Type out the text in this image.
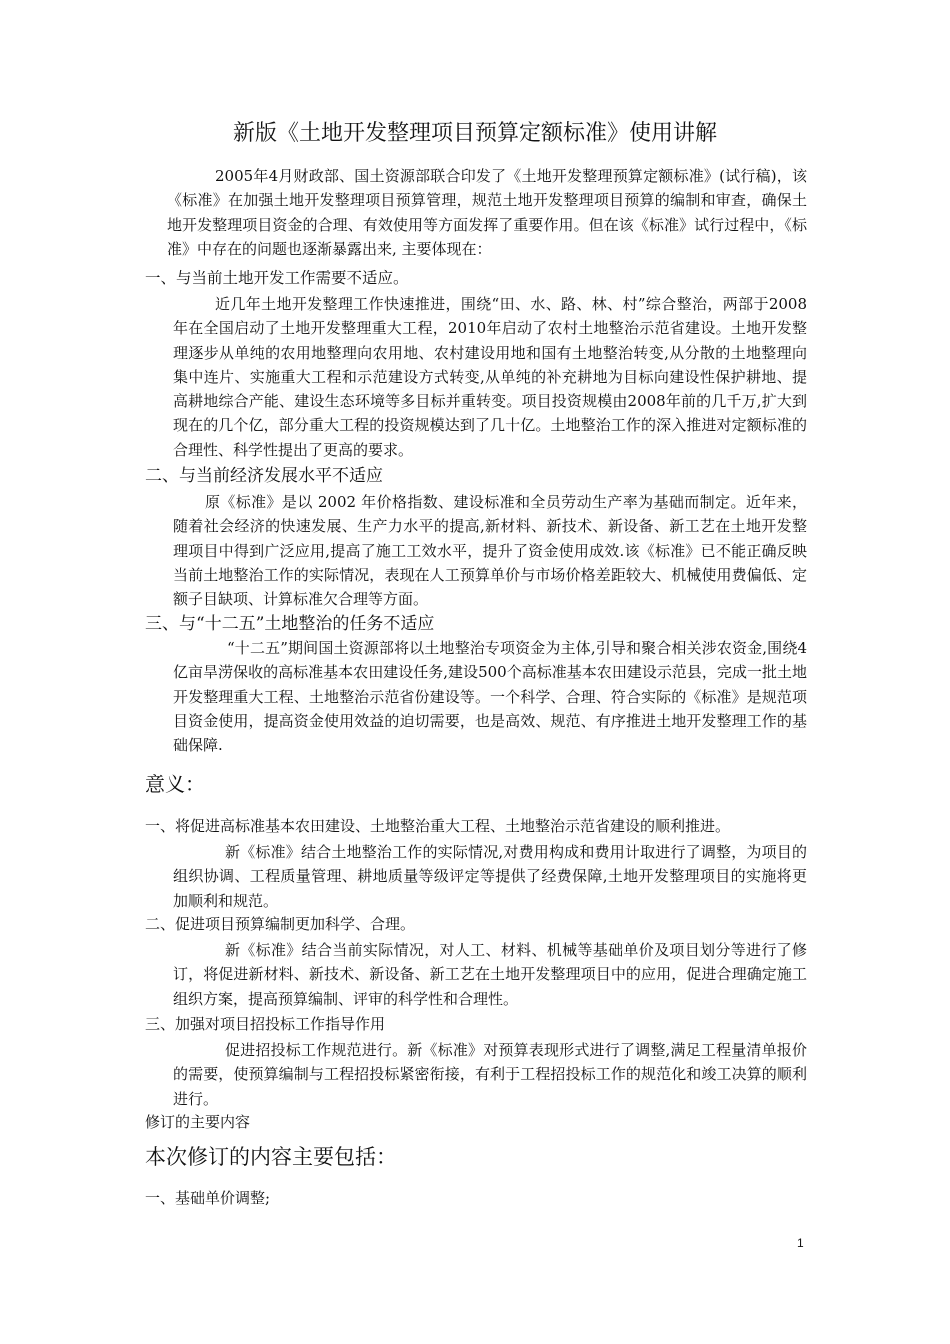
新版《土地开发整理项目预算定额标准》使用讲解
2005年4月财政部、国土资源部联合印发了《土地开发整理预算定额标准》(试行稿)，该《标准》在加强土地开发整理项目预算管理，规范土地开发整理项目预算的编制和审查，确保土地开发整理项目资金的合理、有效使用等方面发挥了重要作用。但在该《标准》试行过程中，《标准》中存在的问题也逐渐暴露出来, 主要体现在：
一、与当前土地开发工作需要不适应。
近几年土地开发整理工作快速推进，围绕“田、水、路、林、村”综合整治，两部于2008年在全国启动了土地开发整理重大工程，2010年启动了农村土地整治示范省建设。土地开发整理逐步从单纯的农用地整理向农用地、农村建设用地和国有土地整治转变,从分散的土地整理向集中连片、实施重大工程和示范建设方式转变,从单纯的补充耕地为目标向建设性保护耕地、提高耕地综合产能、建设生态环境等多目标并重转变。项目投资规模由2008年前的几千万,扩大到现在的几个亿，部分重大工程的投资规模达到了几十亿。土地整治工作的深入推进对定额标准的合理性、科学性提出了更高的要求。
二、与当前经济发展水平不适应
原《标准》是以 2002 年价格指数、建设标准和全员劳动生产率为基础而制定。近年来，随着社会经济的快速发展、生产力水平的提高,新材料、新技术、新设备、新工艺在土地开发整理项目中得到广泛应用,提高了施工工效水平，提升了资金使用成效.该《标准》已不能正确反映当前土地整治工作的实际情况，表现在人工预算单价与市场价格差距较大、机械使用费偏低、定额子目缺项、计算标准欠合理等方面。
三、与“十二五”土地整治的任务不适应
“十二五”期间国土资源部将以土地整治专项资金为主体,引导和聚合相关涉农资金,围绕4亿亩旱涝保收的高标准基本农田建设任务,建设500个高标准基本农田建设示范县，完成一批土地开发整理重大工程、土地整治示范省份建设等。一个科学、合理、符合实际的《标准》是规范项目资金使用，提高资金使用效益的迫切需要，也是高效、规范、有序推进土地开发整理工作的基础保障.
意义：
一、将促进高标准基本农田建设、土地整治重大工程、土地整治示范省建设的顺利推进。
新《标准》结合土地整治工作的实际情况,对费用构成和费用计取进行了调整，为项目的组织协调、工程质量管理、耕地质量等级评定等提供了经费保障,土地开发整理项目的实施将更加顺利和规范。
二、促进项目预算编制更加科学、合理。
新《标准》结合当前实际情况，对人工、材料、机械等基础单价及项目划分等进行了修订，将促进新材料、新技术、新设备、新工艺在土地开发整理项目中的应用，促进合理确定施工组织方案，提高预算编制、评审的科学性和合理性。
三、加强对项目招投标工作指导作用
促进招投标工作规范进行。新《标准》对预算表现形式进行了调整,满足工程量清单报价的需要，使预算编制与工程招投标紧密衔接，有利于工程招投标工作的规范化和竣工决算的顺利进行。
修订的主要内容
本次修订的内容主要包括：
一、基础单价调整;
1
